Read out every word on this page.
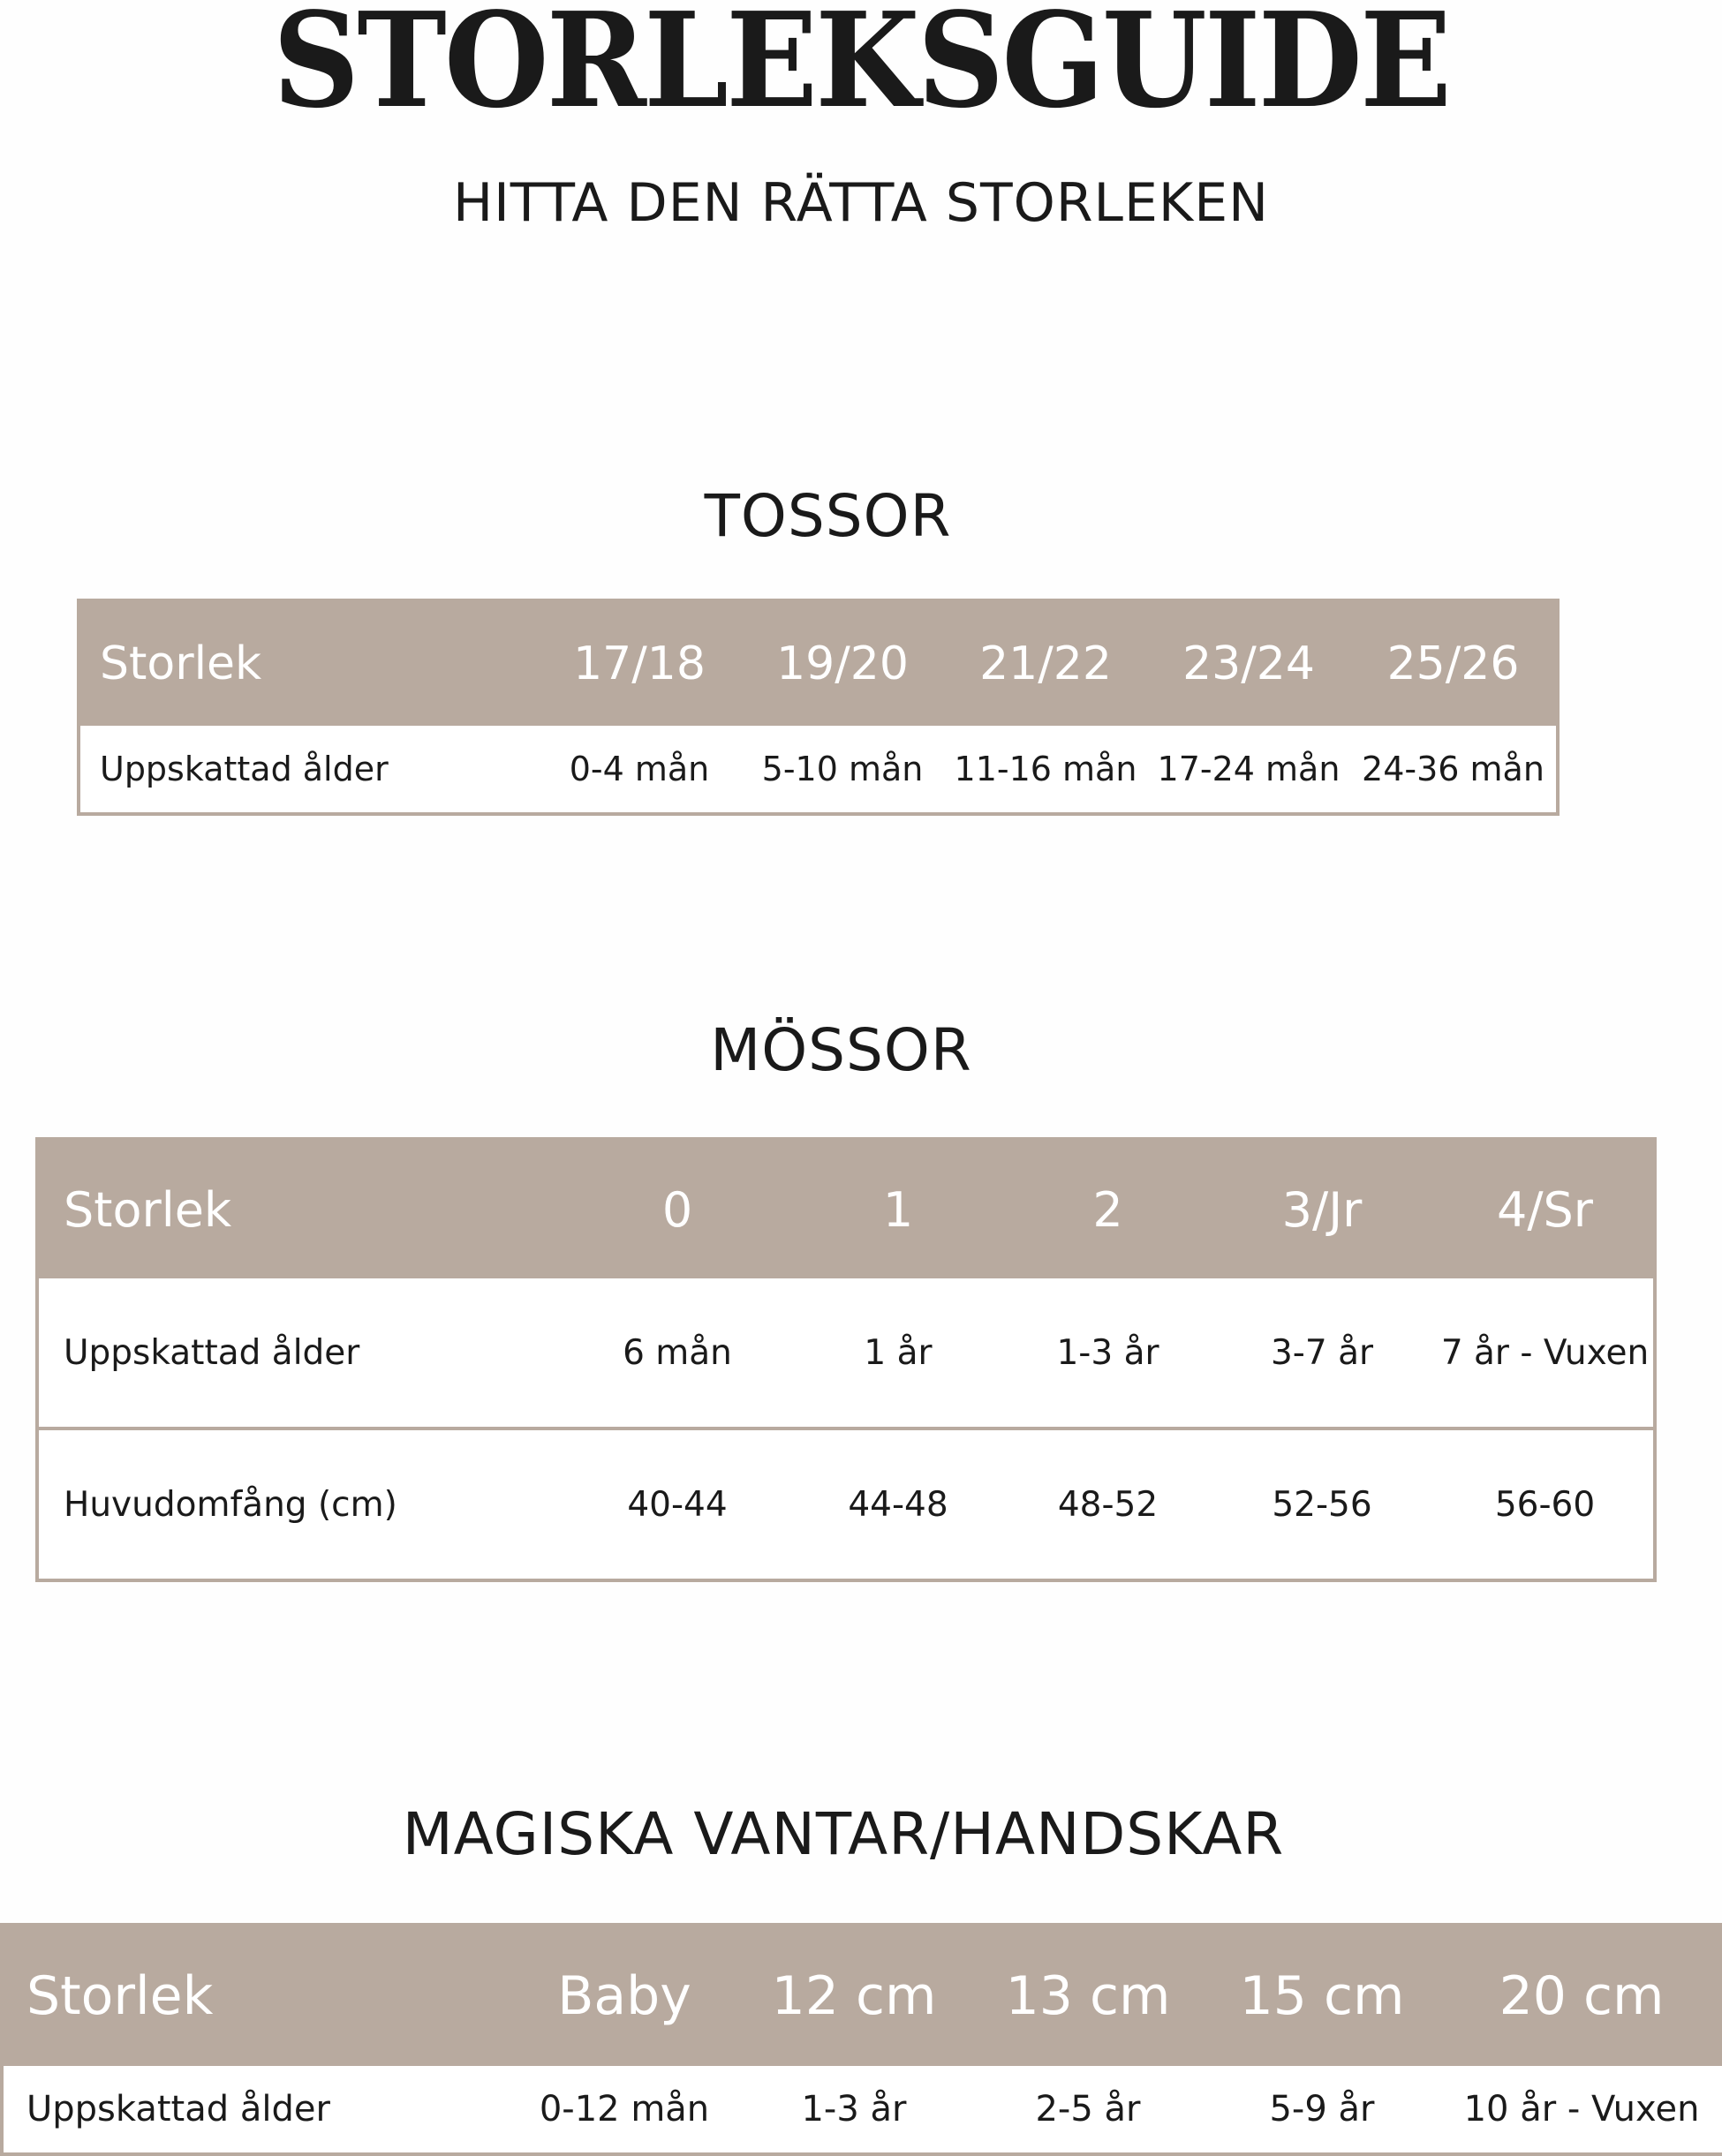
STORLEKSGUIDE
HITTA DEN RÄTTA STORLEKEN
TOSSOR
Storlek	17/18	19/20	21/22	23/24	25/26
Uppskattad ålder	0-4 mån	5-10 mån	11-16 mån	17-24 mån	24-36 mån
MÖSSOR
Storlek	0	1	2	3/Jr	4/Sr
Uppskattad ålder	6 mån	1 år	1-3 år	3-7 år	7 år - Vuxen
Huvudomfång (cm)	40-44	44-48	48-52	52-56	56-60
MAGISKA VANTAR/HANDSKAR
Storlek	Baby	12 cm	13 cm	15 cm	20 cm
Uppskattad ålder	0-12 mån	1-3 år	2-5 år	5-9 år	10 år - Vuxen
